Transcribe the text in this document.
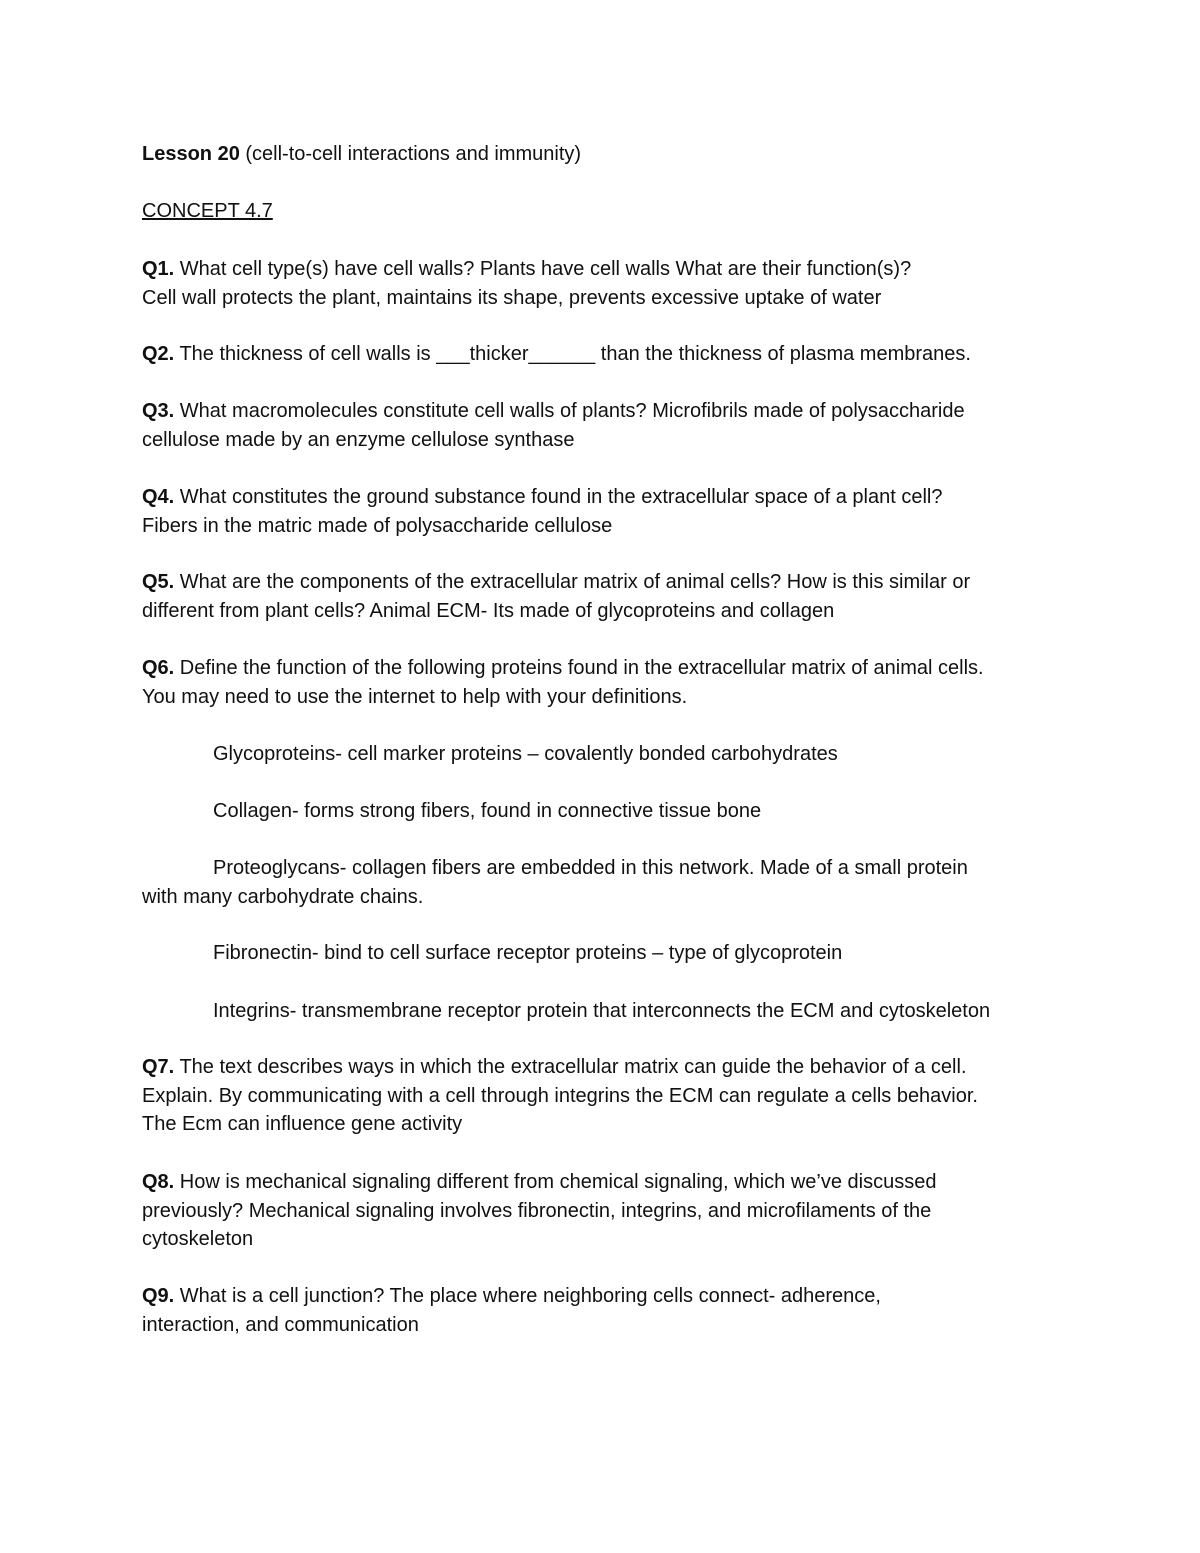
Lesson 20 (cell-to-cell interactions and immunity)
CONCEPT 4.7
Q1. What cell type(s) have cell walls? Plants have cell walls What are their function(s)?
Cell wall protects the plant, maintains its shape, prevents excessive uptake of water
Q2. The thickness of cell walls is ___thicker______ than the thickness of plasma membranes.
Q3. What macromolecules constitute cell walls of plants? Microfibrils made of polysaccharide
cellulose made by an enzyme cellulose synthase
Q4. What constitutes the ground substance found in the extracellular space of a plant cell?
Fibers in the matric made of polysaccharide cellulose
Q5. What are the components of the extracellular matrix of animal cells? How is this similar or
different from plant cells? Animal ECM- Its made of glycoproteins and collagen
Q6. Define the function of the following proteins found in the extracellular matrix of animal cells.
You may need to use the internet to help with your definitions.
Glycoproteins- cell marker proteins – covalently bonded carbohydrates
Collagen- forms strong fibers, found in connective tissue bone
Proteoglycans- collagen fibers are embedded in this network. Made of a small protein
with many carbohydrate chains.
Fibronectin- bind to cell surface receptor proteins – type of glycoprotein
Integrins- transmembrane receptor protein that interconnects the ECM and cytoskeleton
Q7. The text describes ways in which the extracellular matrix can guide the behavior of a cell.
Explain. By communicating with a cell through integrins the ECM can regulate a cells behavior.
The Ecm can influence gene activity
Q8. How is mechanical signaling different from chemical signaling, which we’ve discussed
previously? Mechanical signaling involves fibronectin, integrins, and microfilaments of the
cytoskeleton
Q9. What is a cell junction? The place where neighboring cells connect- adherence,
interaction, and communication
